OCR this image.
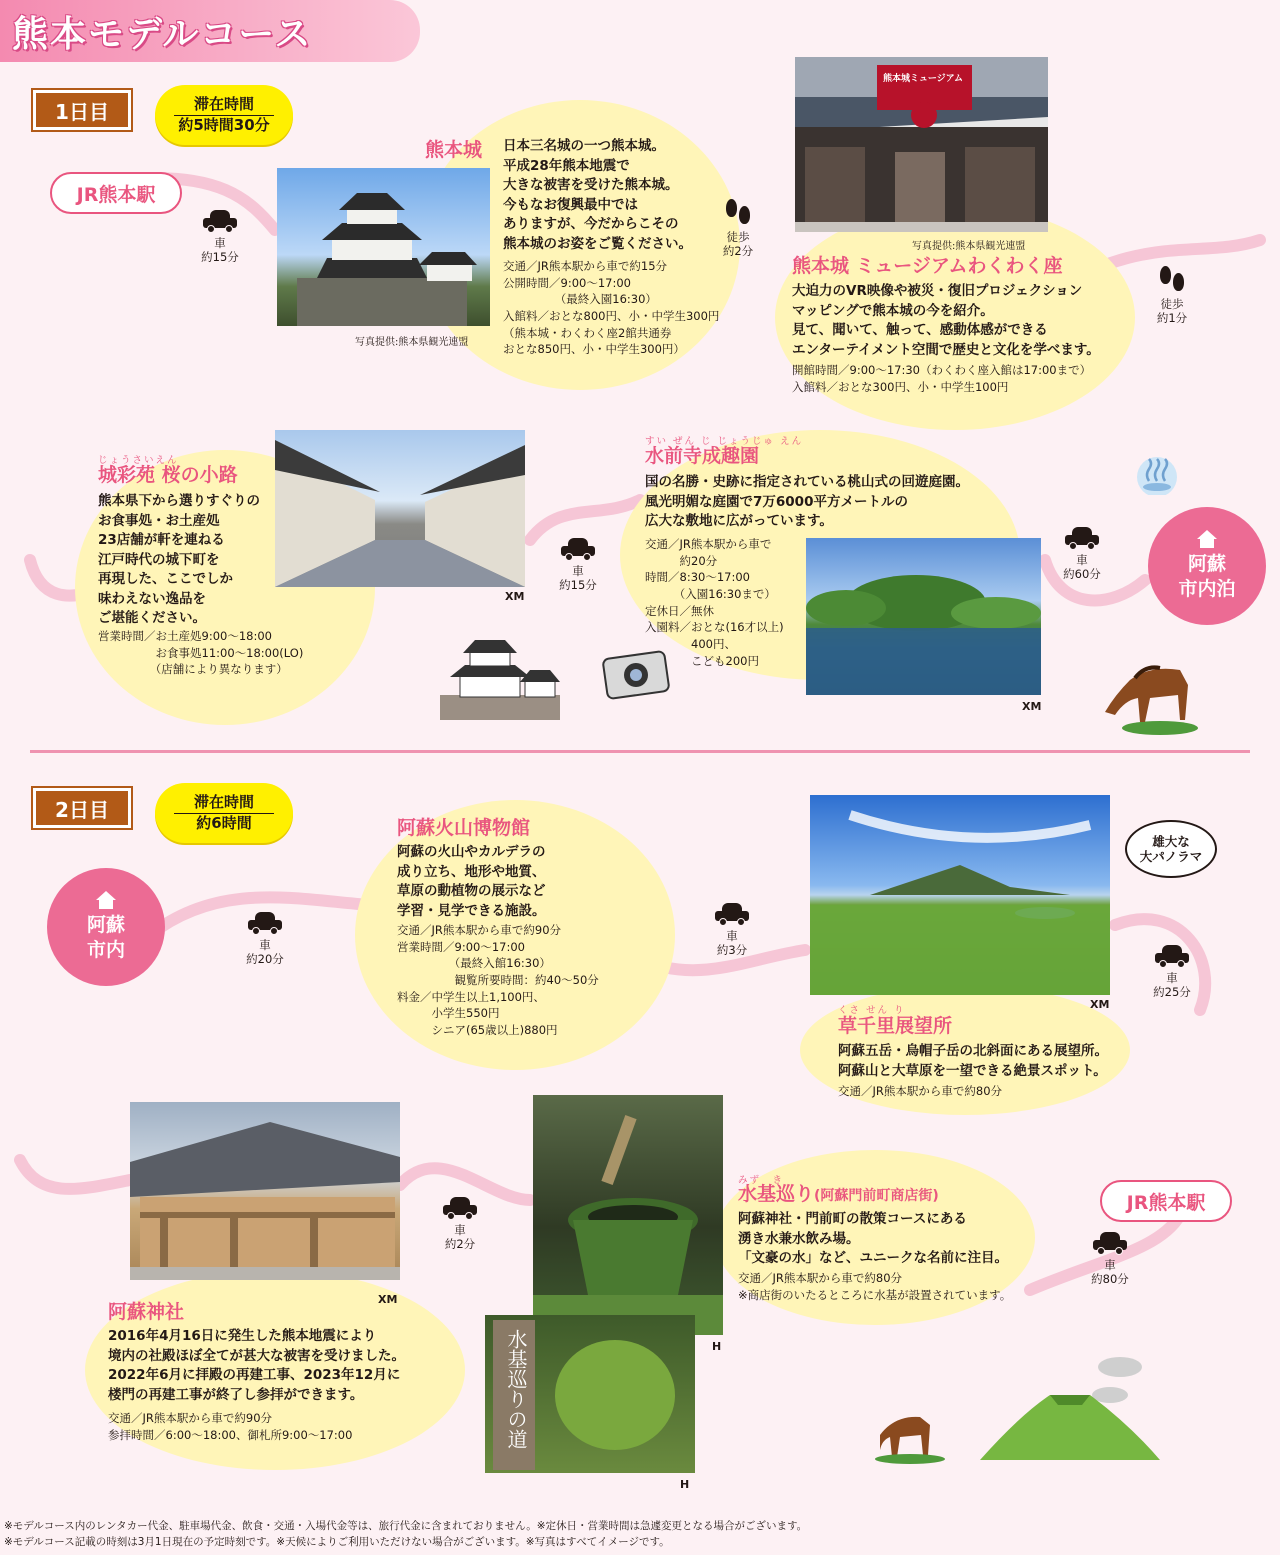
熊本モデルコース
1日目	滞在時間
約5時間30分
JR熊本駅
車
約15分
写真提供:熊本県観光連盟
熊本城 日本三名城の一つ熊本城。
平成28年熊本地震で
大きな被害を受けた熊本城。
今もなお復興最中では
ありますが、今だからこその
熊本城のお姿をご覧ください。
交通／JR熊本駅から車で約15分
公開時間／9:00～17:00
　　　　　（最終入園16:30）
入館料／おとな800円、小・中学生300円
（熊本城・わくわく座2館共通券
おとな850円、小・中学生300円）
徒歩
約2分
熊本城ミュージアム
写真提供:熊本県観光連盟
熊本城 ミュージアムわくわく座
大迫力のVR映像や被災・復旧プロジェクション
マッピングで熊本城の今を紹介。
見て、聞いて、触って、感動体感ができる
エンターテイメント空間で歴史と文化を学べます。
開館時間／9:00～17:30（わくわく座入館は17:00まで）
入館料／おとな300円、小・中学生100円
徒歩
約1分
じょうさいえん
城彩苑 桜の小路
熊本県下から選りすぐりの
お食事処・お土産処
23店舗が軒を連ねる
江戸時代の城下町を
再現した、ここでしか
味わえない逸品を
ご堪能ください。
営業時間／お土産処9:00～18:00
　　　　　お食事処11:00～18:00(LO)
　　　　　（店舗により異なります）
XM
車
約15分
すい ぜん じ じょうじゅ えん
水前寺成趣園
国の名勝・史跡に指定されている桃山式の回遊庭園。
風光明媚な庭園で7万6000平方メートルの
広大な敷地に広がっています。
交通／JR熊本駅から車で
　　　約20分
時間／8:30～17:00
　　　（入園16:30まで）
定休日／無休
入園料／おとな(16才以上)
　　　　400円、
　　　　こども200円
XM
車
約60分	阿蘇
市内泊
2日目	滞在時間
約6時間
阿蘇
市内	車
約20分
阿蘇火山博物館
阿蘇の火山やカルデラの
成り立ち、地形や地質、
草原の動植物の展示など
学習・見学できる施設。
交通／JR熊本駅から車で約90分
営業時間／9:00～17:00
　　　　　（最終入館16:30）
　　　　　観覧所要時間：約40～50分
料金／中学生以上1,100円、
　　　小学生550円
　　　シニア(65歳以上)880円
車
約3分
XM
雄大な
大パノラマ
車
約25分
くさ せん り
草千里展望所
阿蘇五岳・烏帽子岳の北斜面にある展望所。
阿蘇山と大草原を一望できる絶景スポット。
交通／JR熊本駅から車で約80分
XM
阿蘇神社
2016年4月16日に発生した熊本地震により
境内の社殿ほぼ全てが甚大な被害を受けました。
2022年6月に拝殿の再建工事、2023年12月に
楼門の再建工事が終了し参拝ができます。
交通／JR熊本駅から車で約90分
参拝時間／6:00～18:00、御札所9:00～17:00
車
約2分
H
水基巡りの道
H
みず　き
水基巡り(阿蘇門前町商店街)
阿蘇神社・門前町の散策コースにある
湧き水兼水飲み場。
「文豪の水」など、ユニークな名前に注目。
交通／JR熊本駅から車で約80分
※商店街のいたるところに水基が設置されています。
JR熊本駅
車
約80分
※モデルコース内のレンタカー代金、駐車場代金、飲食・交通・入場代金等は、旅行代金に含まれておりません。※定休日・営業時間は急遽変更となる場合がございます。
※モデルコース記載の時刻は3月1日現在の予定時刻です。※天候によりご利用いただけない場合がございます。※写真はすべてイメージです。
